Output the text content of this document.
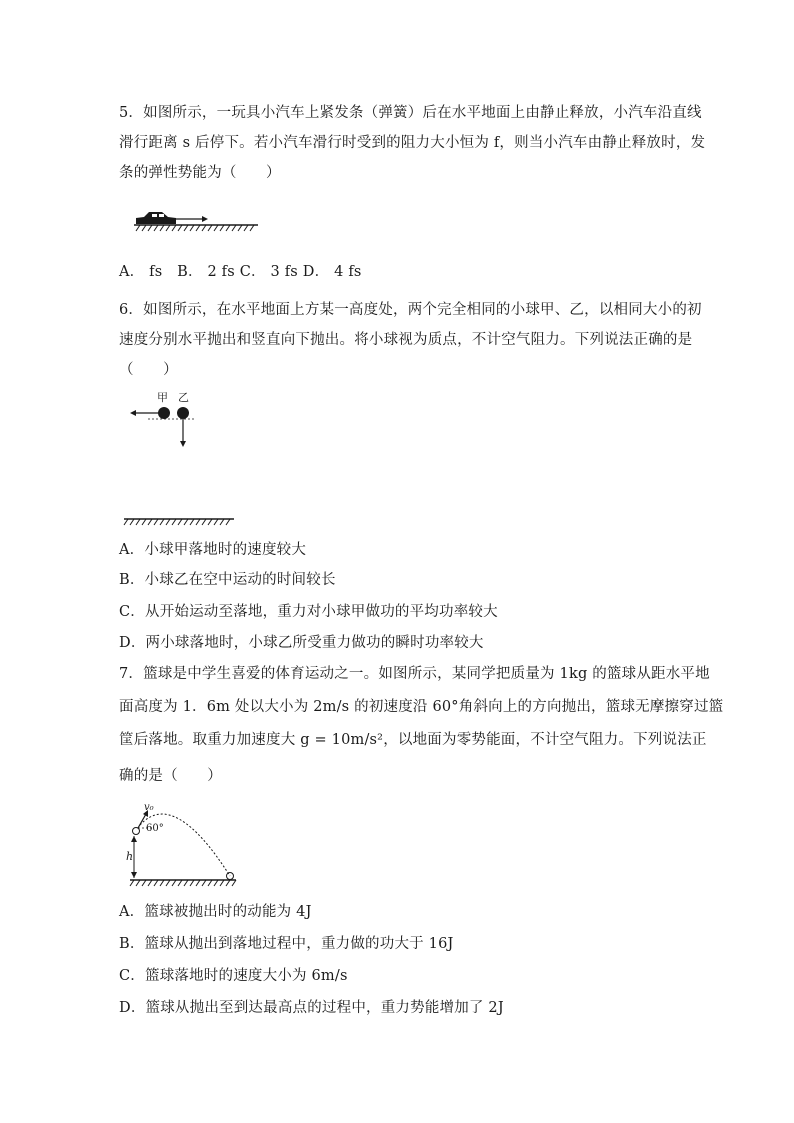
5．如图所示，一玩具小汽车上紧发条（弹簧）后在水平地面上由静止释放，小汽车沿直线
滑行距离 s 后停下。若小汽车滑行时受到的阻力大小恒为 f，则当小汽车由静止释放时，发
条的弹性势能为（　　）
A． fs　B． 2 fs C． 3 fs D． 4 fs
6．如图所示，在水平地面上方某一高度处，两个完全相同的小球甲、乙，以相同大小的初
速度分别水平抛出和竖直向下抛出。将小球视为质点，不计空气阻力。下列说法正确的是
（　　）
甲 乙
A．小球甲落地时的速度较大
B．小球乙在空中运动的时间较长
C．从开始运动至落地，重力对小球甲做功的平均功率较大
D．两小球落地时，小球乙所受重力做功的瞬时功率较大
7．篮球是中学生喜爱的体育运动之一。如图所示，某同学把质量为 1kg 的篮球从距水平地
面高度为 1．6m 处以大小为 2m/s 的初速度沿 60°角斜向上的方向抛出，篮球无摩擦穿过篮
筐后落地。取重力加速度大 g = 10m/s²，以地面为零势能面，不计空气阻力。下列说法正
确的是（　　）
h
v₀
60°
A．篮球被抛出时的动能为 4J
B．篮球从抛出到落地过程中，重力做的功大于 16J
C．篮球落地时的速度大小为 6m/s
D．篮球从抛出至到达最高点的过程中，重力势能增加了 2J
